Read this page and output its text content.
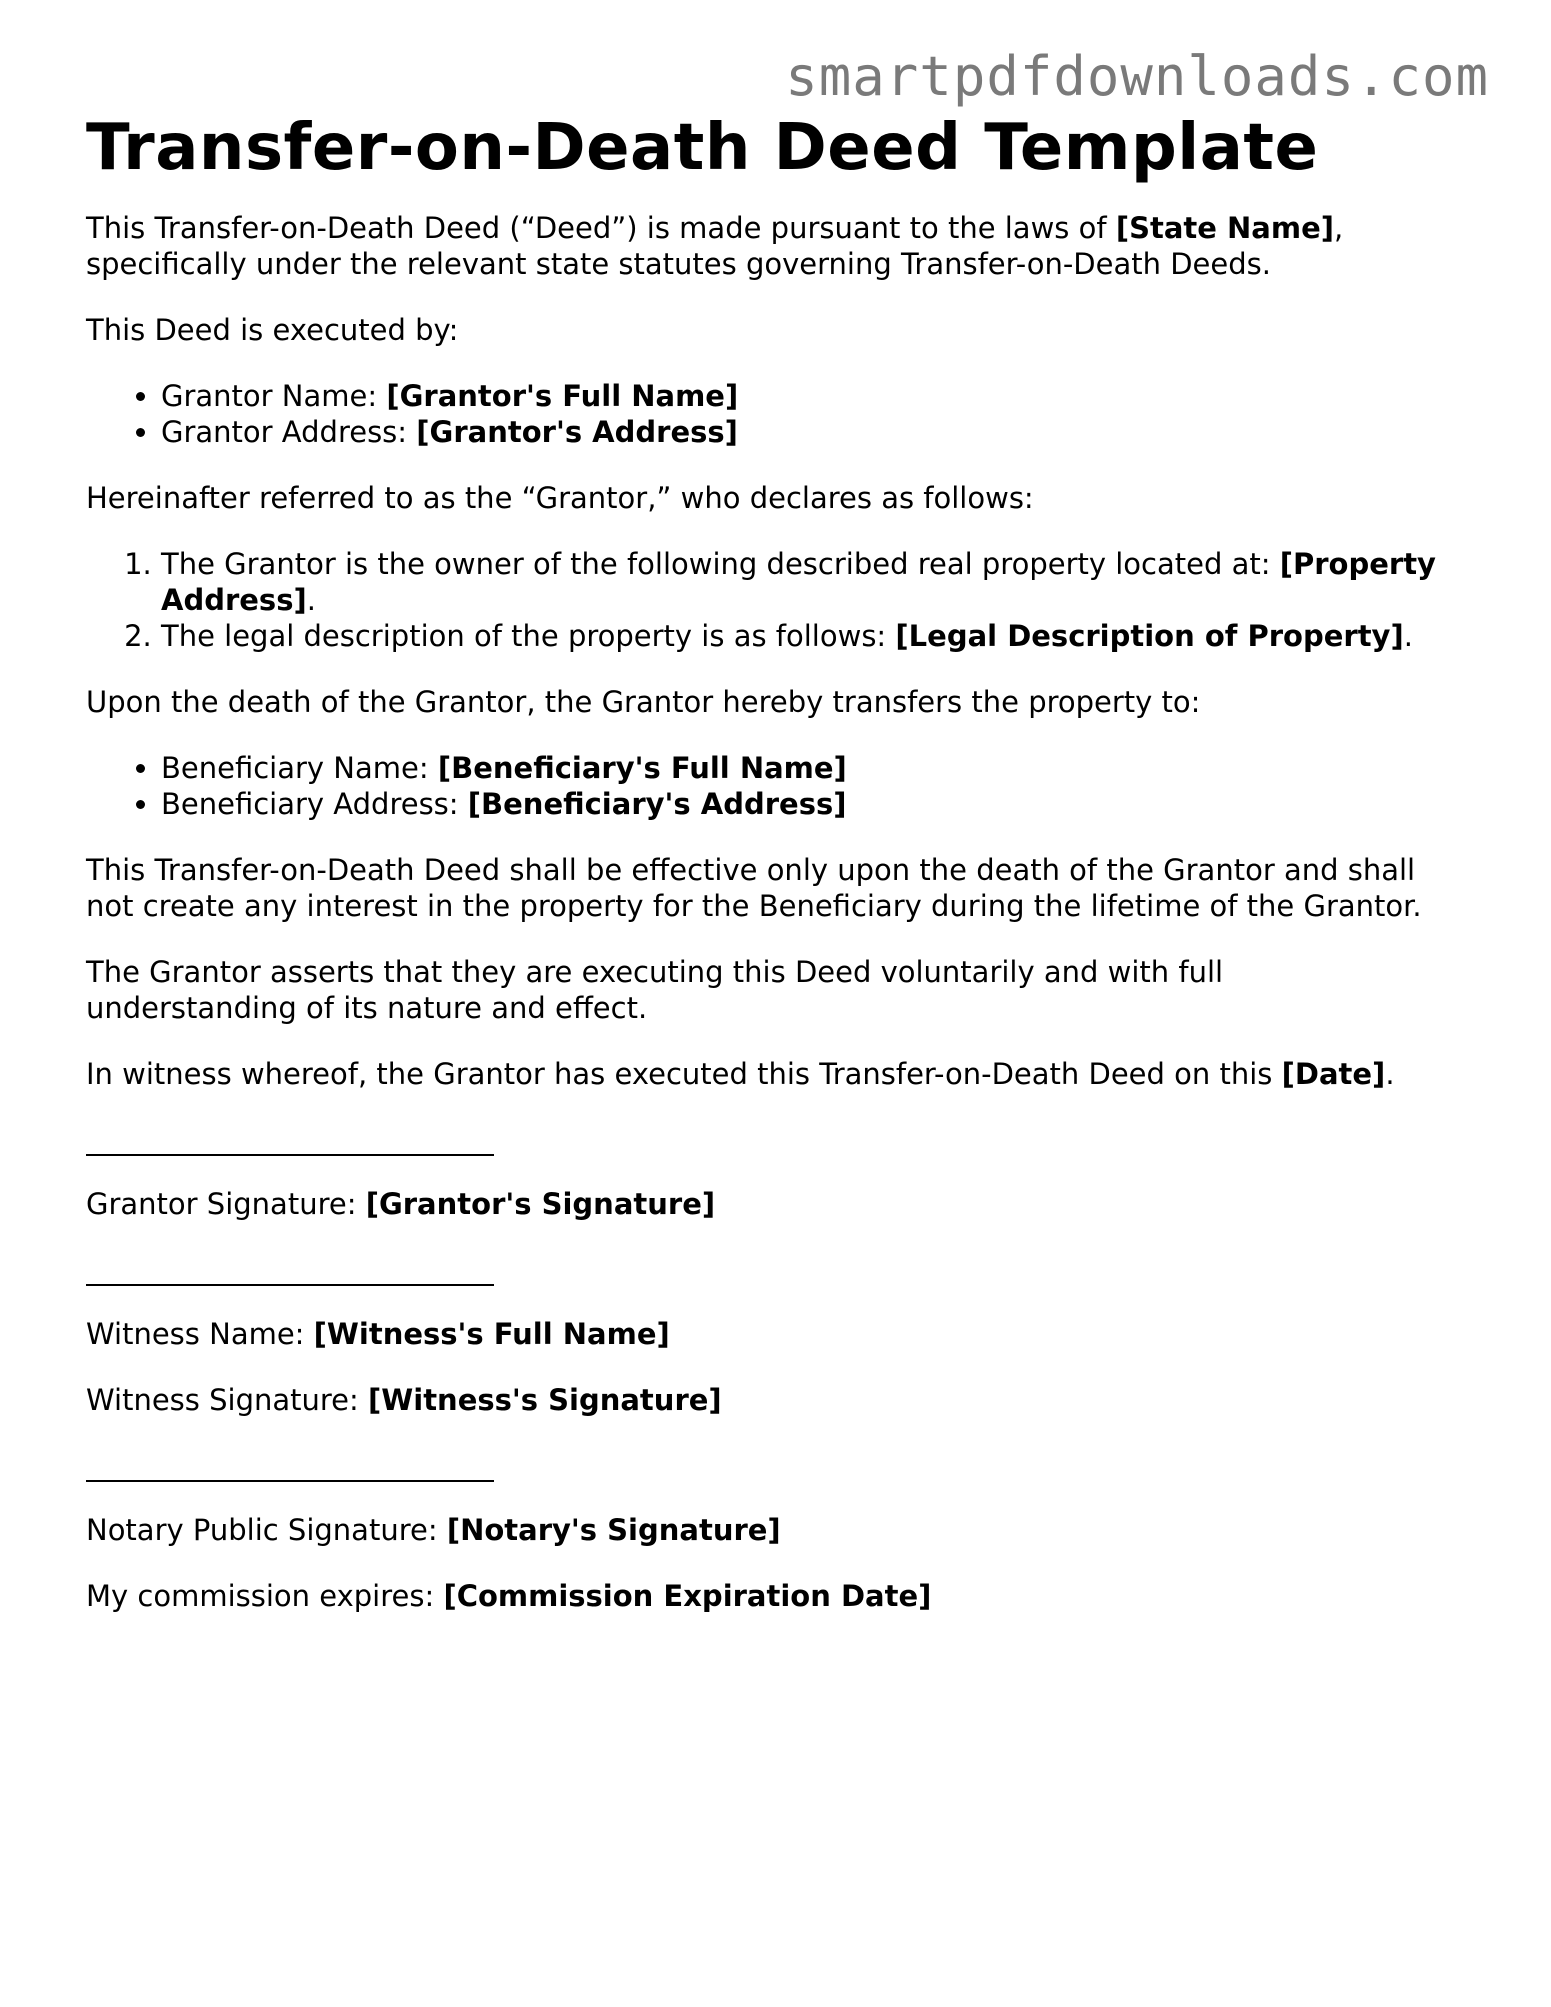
smartpdfdownloads.com
Transfer-on-Death Deed Template

This Transfer-on-Death Deed (“Deed”) is made pursuant to the laws of [State Name], specifically under the relevant state statutes governing Transfer-on-Death Deeds.

This Deed is executed by:

• Grantor Name: [Grantor's Full Name]
• Grantor Address: [Grantor's Address]

Hereinafter referred to as the “Grantor,” who declares as follows:

1. The Grantor is the owner of the following described real property located at: [Property Address].
2. The legal description of the property is as follows: [Legal Description of Property].

Upon the death of the Grantor, the Grantor hereby transfers the property to:

• Beneficiary Name: [Beneficiary's Full Name]
• Beneficiary Address: [Beneficiary's Address]

This Transfer-on-Death Deed shall be effective only upon the death of the Grantor and shall not create any interest in the property for the Beneficiary during the lifetime of the Grantor.

The Grantor asserts that they are executing this Deed voluntarily and with full understanding of its nature and effect.

In witness whereof, the Grantor has executed this Transfer-on-Death Deed on this [Date].

Grantor Signature: [Grantor's Signature]

Witness Name: [Witness's Full Name]

Witness Signature: [Witness's Signature]

Notary Public Signature: [Notary's Signature]

My commission expires: [Commission Expiration Date]
